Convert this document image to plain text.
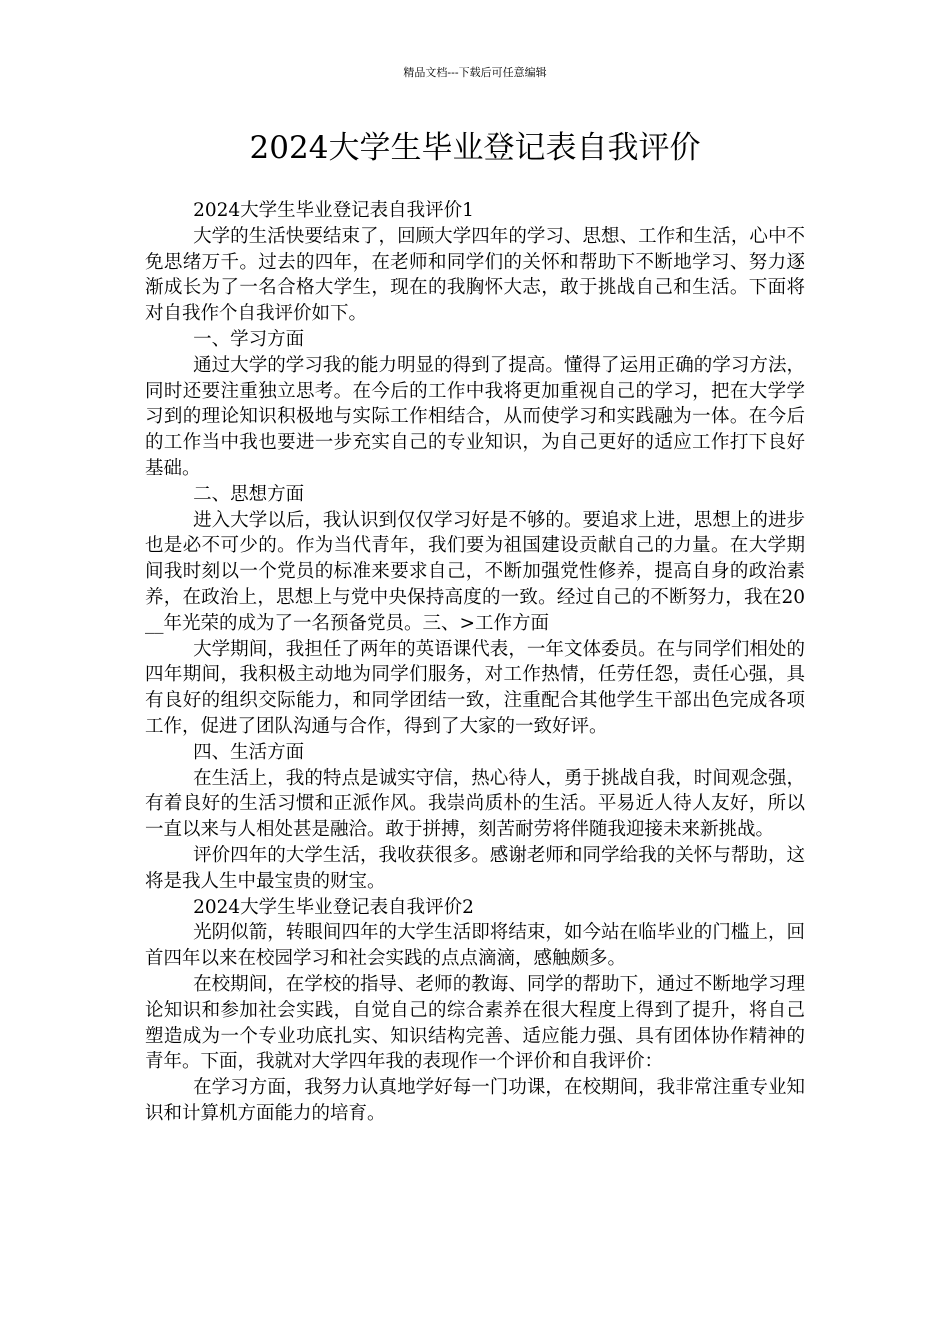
精品文档---下载后可任意编辑
2024大学生毕业登记表自我评价

2024大学生毕业登记表自我评价1

大学的生活快要结束了，回顾大学四年的学习、思想、工作和生活，心中不免思绪万千。过去的四年，在老师和同学们的关怀和帮助下不断地学习、努力逐渐成长为了一名合格大学生，现在的我胸怀大志，敢于挑战自己和生活。下面将对自我作个自我评价如下。

一、学习方面

通过大学的学习我的能力明显的得到了提高。懂得了运用正确的学习方法，同时还要注重独立思考。在今后的工作中我将更加重视自己的学习，把在大学学习到的理论知识积极地与实际工作相结合，从而使学习和实践融为一体。在今后的工作当中我也要进一步充实自己的专业知识，为自己更好的适应工作打下良好基础。

二、思想方面

进入大学以后，我认识到仅仅学习好是不够的。要追求上进，思想上的进步也是必不可少的。作为当代青年，我们要为祖国建设贡献自己的力量。在大学期间我时刻以一个党员的标准来要求自己，不断加强党性修养，提高自身的政治素养，在政治上，思想上与党中央保持高度的一致。经过自己的不断努力，我在20__年光荣的成为了一名预备党员。三、>工作方面

大学期间，我担任了两年的英语课代表，一年文体委员。在与同学们相处的四年期间，我积极主动地为同学们服务，对工作热情，任劳任怨，责任心强，具有良好的组织交际能力，和同学团结一致，注重配合其他学生干部出色完成各项工作，促进了团队沟通与合作，得到了大家的一致好评。

四、生活方面

在生活上，我的特点是诚实守信，热心待人，勇于挑战自我，时间观念强，有着良好的生活习惯和正派作风。我崇尚质朴的生活。平易近人待人友好，所以一直以来与人相处甚是融洽。敢于拼搏，刻苦耐劳将伴随我迎接未来新挑战。

评价四年的大学生活，我收获很多。感谢老师和同学给我的关怀与帮助，这将是我人生中最宝贵的财宝。

2024大学生毕业登记表自我评价2

光阴似箭，转眼间四年的大学生活即将结束，如今站在临毕业的门槛上，回首四年以来在校园学习和社会实践的点点滴滴，感触颇多。

在校期间，在学校的指导、老师的教诲、同学的帮助下，通过不断地学习理论知识和参加社会实践，自觉自己的综合素养在很大程度上得到了提升，将自己塑造成为一个专业功底扎实、知识结构完善、适应能力强、具有团体协作精神的青年。下面，我就对大学四年我的表现作一个评价和自我评价：

在学习方面，我努力认真地学好每一门功课，在校期间，我非常注重专业知识和计算机方面能力的培育。
